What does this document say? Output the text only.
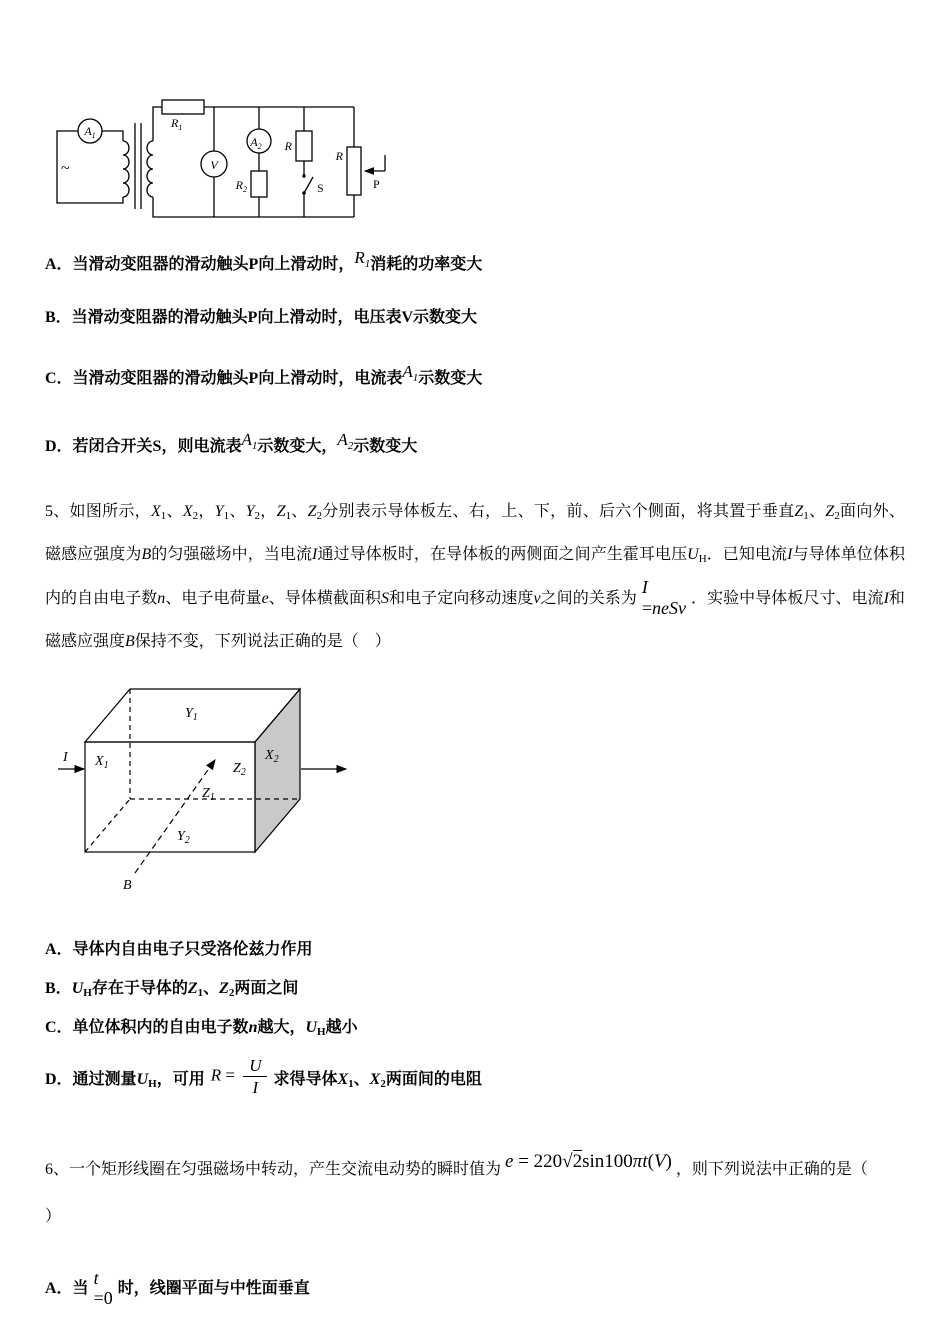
~
$A_1$
$R_1$
V
$A_2$
$R_2$
R
S
R
P

A．当滑动变阻器的滑动触头P向上滑动时，R1消耗的功率变大

B．当滑动变阻器的滑动触头P向上滑动时，电压表V示数变大

C．当滑动变阻器的滑动触头P向上滑动时，电流表A1示数变大

D．若闭合开关S，则电流表A1示数变大，A2示数变大

5、如图所示，$X_1$、$X_2$，$Y_1$、$Y_2$，$Z_1$、$Z_2$分别表示导体板左、右，上、下，前、后六个侧面，将其置于垂直$Z_1$、$Z_2$面向外、磁感应强度为B的匀强磁场中，当电流I通过导体板时，在导体板的两侧面之间产生霍耳电压$U_H$．已知电流I与导体单位体积内的自由电子数n、电子电荷量e、导体横截面积S和电子定向移动速度v之间的关系为
I
=neSv ．实验中导体板尺寸、电流I和磁感应强度B保持不变，下列说法正确的是（　）

$Y_1$
$X_1$
$X_2$
$Z_2$
$Z_1$
$Y_2$
I
B

A．导体内自由电子只受洛伦兹力作用

B．$U_H$存在于导体的$Z_1$、$Z_2$两面之间

C．单位体积内的自由电子数n越大，$U_H$越小

D．通过测量$U_H$，可用 $R = \frac{U}{I}$ 求得导体$X_1$、$X_2$两面间的电阻

6、一个矩形线圈在匀强磁场中转动，产生交流电动势的瞬时值为 e = 220√2sin100πt(V) ，则下列说法中正确的是（
）

A．当
t
=0 时，线圈平面与中性面垂直
